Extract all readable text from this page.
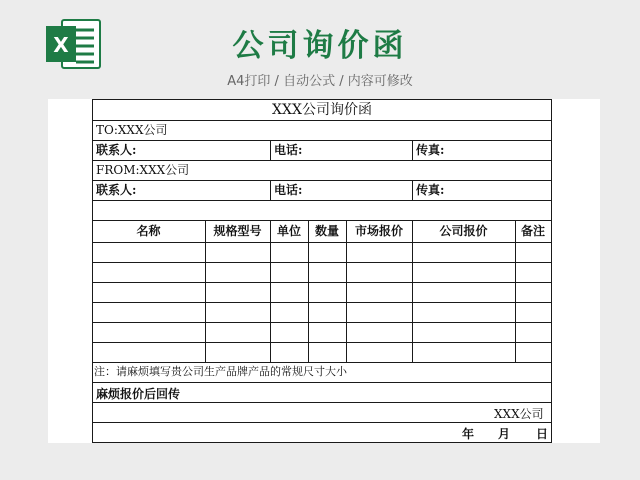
X	公司询价函
A4打印 / 自动公式 / 内容可修改
XXX公司询价函
TO:XXX公司
联系人:	电话:	传真:
FROM:XXX公司
联系人:	电话:	传真:
名称	规格型号	单位	数量	市场报价	公司报价	备注
注：请麻烦填写贵公司生产品牌产品的常规尺寸大小
麻烦报价后回传
XXX公司
年 月 日
